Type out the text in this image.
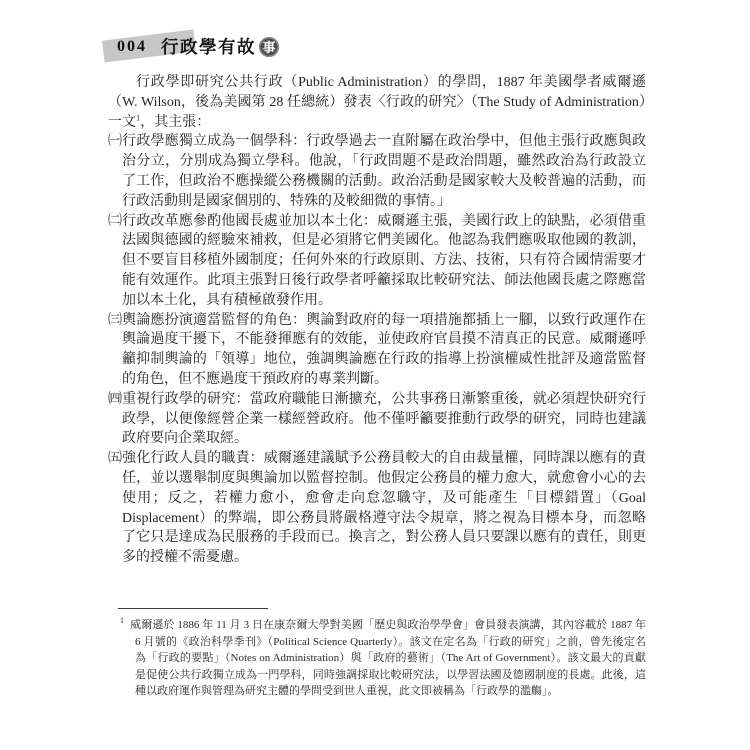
004 行政學有故 事

行政學即研究公共行政（Public Administration）的學問，1887 年美國學者威爾遜（W. Wilson，後為美國第 28 任總統）發表〈行政的研究〉（The Study of Administration）一文$^1$，其主張：

㈠行政學應獨立成為一個學科：行政學過去一直附屬在政治學中，但他主張行政應與政治分立，分別成為獨立學科。他說，「行政問題不是政治問題，雖然政治為行政設立了工作，但政治不應操縱公務機關的活動。政治活動是國家較大及較普遍的活動，而行政活動則是國家個別的、特殊的及較細微的事情。」

㈡行政改革應參酌他國長處並加以本土化：威爾遜主張，美國行政上的缺點，必須借重法國與德國的經驗來補救，但是必須將它們美國化。他認為我們應吸取他國的教訓，但不要盲目移植外國制度；任何外來的行政原則、方法、技術，只有符合國情需要才能有效運作。此項主張對日後行政學者呼籲採取比較研究法、師法他國長處之際應當加以本土化，具有積極啟發作用。

㈢輿論應扮演適當監督的角色：輿論對政府的每一項措施都插上一腳，以致行政運作在輿論過度干擾下，不能發揮應有的效能，並使政府官員摸不清真正的民意。威爾遜呼籲抑制輿論的「領導」地位，強調輿論應在行政的指導上扮演權威性批評及適當監督的角色，但不應過度干預政府的專業判斷。

㈣重視行政學的研究：當政府職能日漸擴充，公共事務日漸繁重後，就必須趕快研究行政學，以便像經營企業一樣經營政府。他不僅呼籲要推動行政學的研究，同時也建議政府要向企業取經。

㈤強化行政人員的職責：威爾遜建議賦予公務員較大的自由裁量權，同時課以應有的責任，並以選舉制度與輿論加以監督控制。他假定公務員的權力愈大，就愈會小心的去使用；反之，若權力愈小，愈會走向怠忽職守，及可能產生「目標錯置」（Goal Displacement）的弊端，即公務員將嚴格遵守法令規章，將之視為目標本身，而忽略了它只是達成為民服務的手段而已。換言之，對公務人員只要課以應有的責任，則更多的授權不需憂慮。

$^1$ 威爾遜於 1886 年 11 月 3 日在康奈爾大學對美國「歷史與政治學學會」會員發表演講，其內容載於 1887 年 6 月號的《政治科學季刊》（Political Science Quarterly）。該文在定名為「行政的研究」之前，曾先後定名為「行政的要點」（Notes on Administration）與「政府的藝術」（The Art of Government）。該文最大的貢獻是促使公共行政獨立成為一門學科，同時強調採取比較研究法，以學習法國及德國制度的長處。此後，這種以政府運作與管理為研究主體的學問受到世人重視，此文即被稱為「行政學的濫觴」。
